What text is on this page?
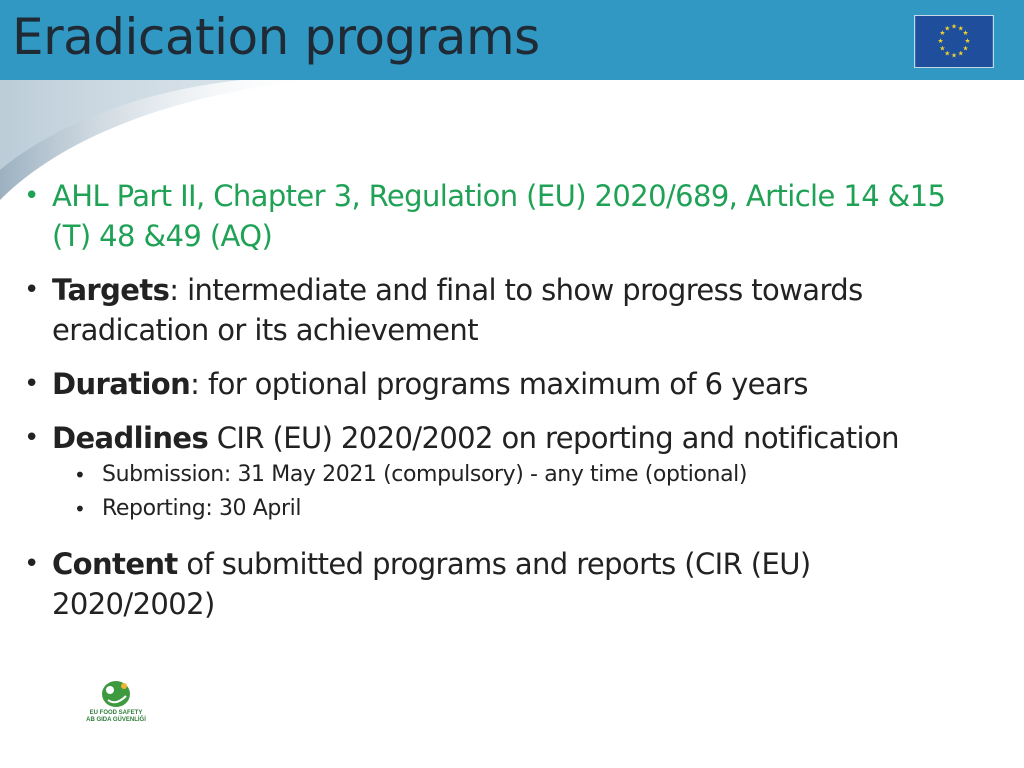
Eradication programs	★ ★
★
★
★
★
★
★
★
★
★
★
• AHL Part II, Chapter 3, Regulation (EU) 2020/689, Article 14 &15 (T) 48 &49 (AQ)
• Targets: intermediate and final to show progress towards eradication or its achievement
• Duration: for optional programs maximum of 6 years
• Deadlines CIR (EU) 2020/2002 on reporting and notification
• Submission: 31 May 2021 (compulsory) - any time (optional)
• Reporting: 30 April
• Content of submitted programs and reports (CIR (EU) 2020/2002)
EU FOOD SAFETY
AB GIDA GÜVENLİĞİ
